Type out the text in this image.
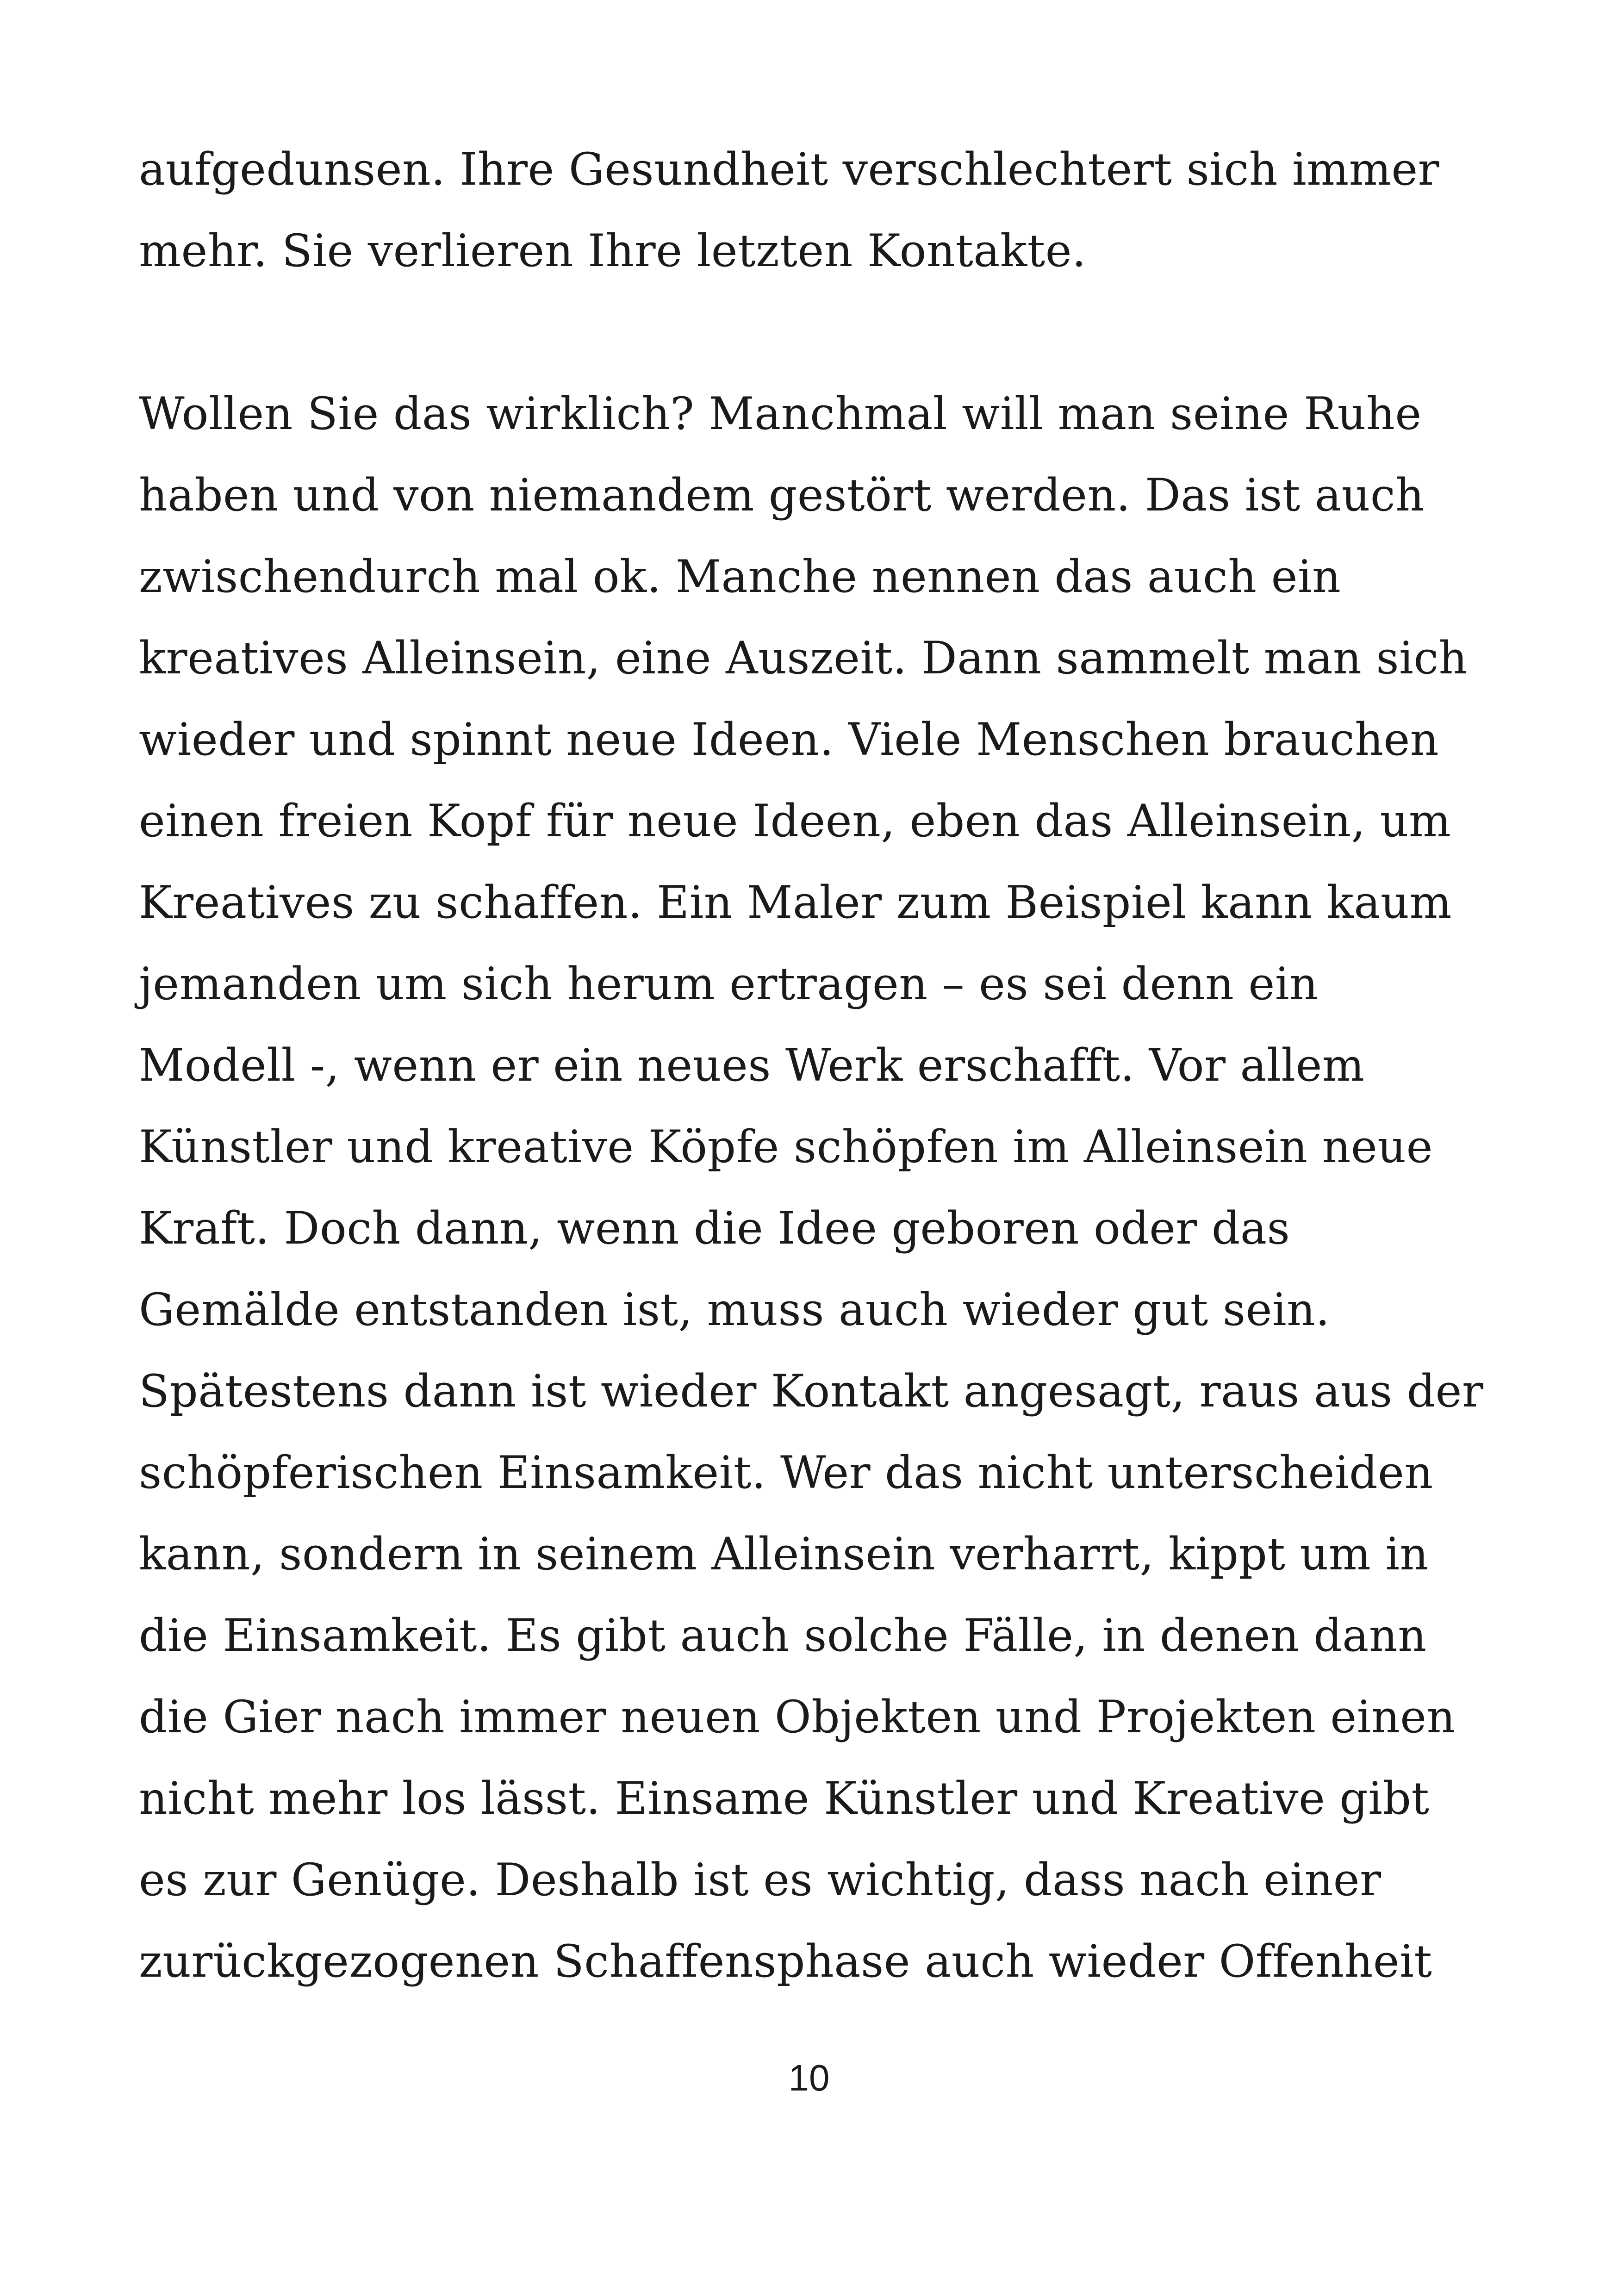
aufgedunsen. Ihre Gesundheit verschlechtert sich immer
mehr. Sie verlieren Ihre letzten Kontakte.
Wollen Sie das wirklich? Manchmal will man seine Ruhe
haben und von niemandem gestört werden. Das ist auch
zwischendurch mal ok. Manche nennen das auch ein
kreatives Alleinsein, eine Auszeit. Dann sammelt man sich
wieder und spinnt neue Ideen. Viele Menschen brauchen
einen freien Kopf für neue Ideen, eben das Alleinsein, um
Kreatives zu schaffen. Ein Maler zum Beispiel kann kaum
jemanden um sich herum ertragen – es sei denn ein
Modell -, wenn er ein neues Werk erschafft. Vor allem
Künstler und kreative Köpfe schöpfen im Alleinsein neue
Kraft. Doch dann, wenn die Idee geboren oder das
Gemälde entstanden ist, muss auch wieder gut sein.
Spätestens dann ist wieder Kontakt angesagt, raus aus der
schöpferischen Einsamkeit. Wer das nicht unterscheiden
kann, sondern in seinem Alleinsein verharrt, kippt um in
die Einsamkeit. Es gibt auch solche Fälle, in denen dann
die Gier nach immer neuen Objekten und Projekten einen
nicht mehr los lässt. Einsame Künstler und Kreative gibt
es zur Genüge. Deshalb ist es wichtig, dass nach einer
zurückgezogenen Schaffensphase auch wieder Offenheit
10
